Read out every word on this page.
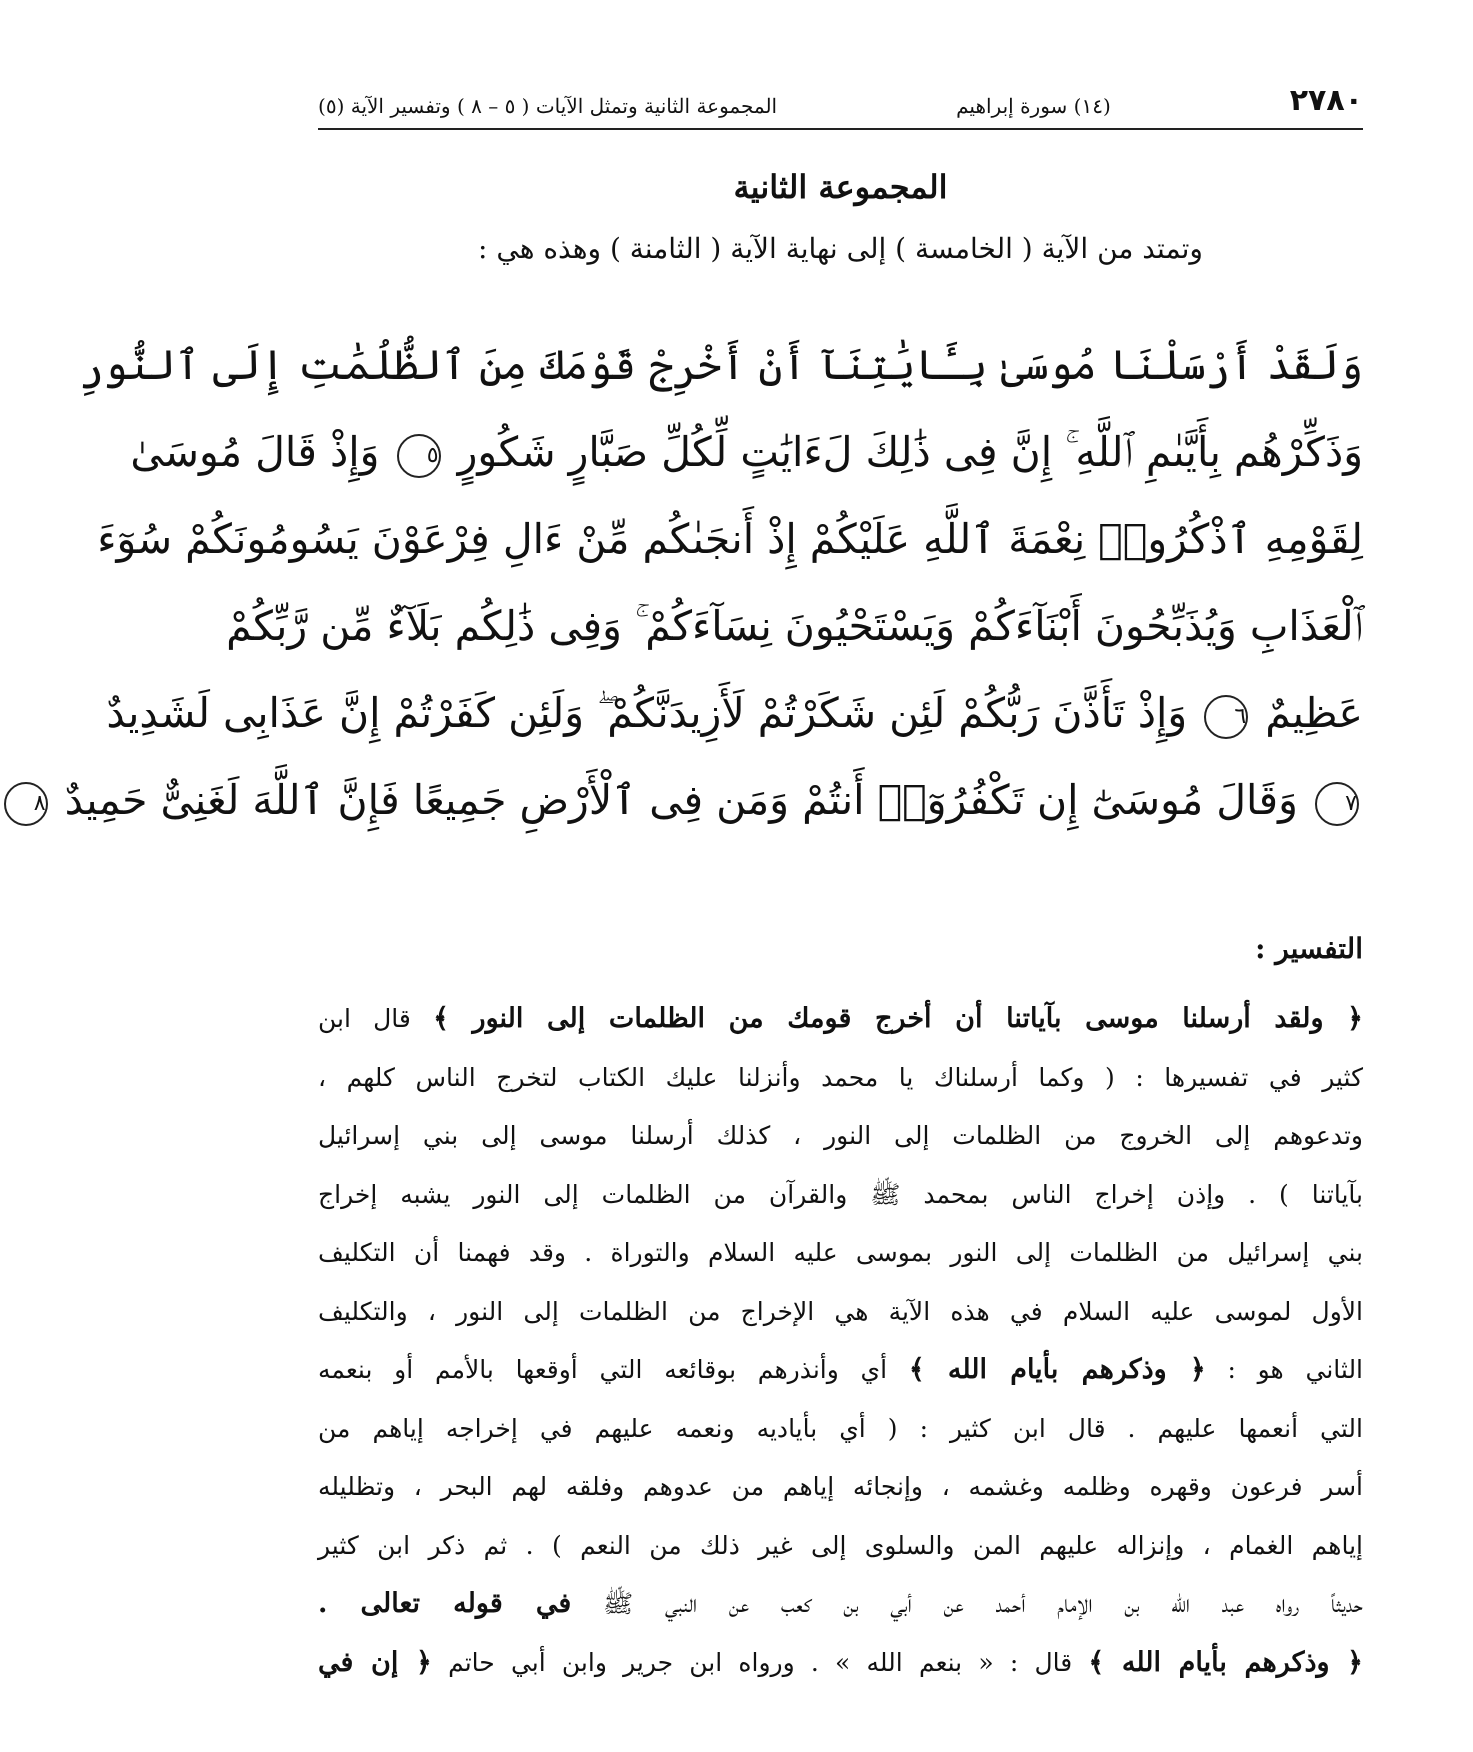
٢٧٨٠
(١٤) سورة إبراهيم
المجموعة الثانية وتمثل الآيات ( ٥ – ٨ ) وتفسير الآية (٥)
المجموعة الثانية
وتمتد من الآية ( الخامسة ) إلى نهاية الآية ( الثامنة ) وهذه هي :
وَلَقَدْ أَرْسَلْنَا مُوسَىٰ بِـَٔايَٰتِنَآ أَنْ أَخْرِجْ قَوْمَكَ مِنَ ٱلظُّلُمَٰتِ إِلَى ٱلنُّورِ
وَذَكِّرْهُم بِأَيَّىٰمِ ٱللَّهِ ۚ إِنَّ فِى ذَٰلِكَ لَءَايَٰتٍ لِّكُلِّ صَبَّارٍ شَكُورٍ ٥ وَإِذْ قَالَ مُوسَىٰ
لِقَوْمِهِ ٱذْكُرُوا۟ نِعْمَةَ ٱللَّهِ عَلَيْكُمْ إِذْ أَنجَىٰكُم مِّنْ ءَالِ فِرْعَوْنَ يَسُومُونَكُمْ سُوٓءَ
ٱلْعَذَابِ وَيُذَبِّحُونَ أَبْنَآءَكُمْ وَيَسْتَحْيُونَ نِسَآءَكُمْ ۚ وَفِى ذَٰلِكُم بَلَآءٌ مِّن رَّبِّكُمْ
عَظِيمٌ ٦ وَإِذْ تَأَذَّنَ رَبُّكُمْ لَئِن شَكَرْتُمْ لَأَزِيدَنَّكُمْ ۖ وَلَئِن كَفَرْتُمْ إِنَّ عَذَابِى لَشَدِيدٌ
٧ وَقَالَ مُوسَىٰٓ إِن تَكْفُرُوٓا۟ أَنتُمْ وَمَن فِى ٱلْأَرْضِ جَمِيعًا فَإِنَّ ٱللَّهَ لَغَنِىٌّ حَمِيدٌ ٨
التفسير :
﴿ ولقد أرسلنا موسى بآياتنا أن أخرج قومك من الظلمات إلى النور ﴾ قال ابن
كثير في تفسيرها : ( وكما أرسلناك يا محمد وأنزلنا عليك الكتاب لتخرج الناس كلهم ،
وتدعوهم إلى الخروج من الظلمات إلى النور ، كذلك أرسلنا موسى إلى بني إسرائيل
بآياتنا ) . وإذن إخراج الناس بمحمد ﷺ والقرآن من الظلمات إلى النور يشبه إخراج
بني إسرائيل من الظلمات إلى النور بموسى عليه السلام والتوراة . وقد فهمنا أن التكليف
الأول لموسى عليه السلام في هذه الآية هي الإخراج من الظلمات إلى النور ، والتكليف
الثاني هو : ﴿ وذكرهم بأيام الله ﴾ أي وأنذرهم بوقائعه التي أوقعها بالأمم أو بنعمه
التي أنعمها عليهم . قال ابن كثير : ( أي بأياديه ونعمه عليهم في إخراجه إياهم من
أسر فرعون وقهره وظلمه وغشمه ، وإنجائه إياهم من عدوهم وفلقه لهم البحر ، وتظليله
إياهم الغمام ، وإنزاله عليهم المن والسلوى إلى غير ذلك من النعم ) . ثم ذكر ابن كثير
حديثاً رواه عبد الله بن الإمام أحمد عن أبي بن كعب عن النبي ﷺ في قوله تعالى .
﴿ وذكرهم بأيام الله ﴾ قال : « بنعم الله » . ورواه ابن جرير وابن أبي حاتم ﴿ إن في
